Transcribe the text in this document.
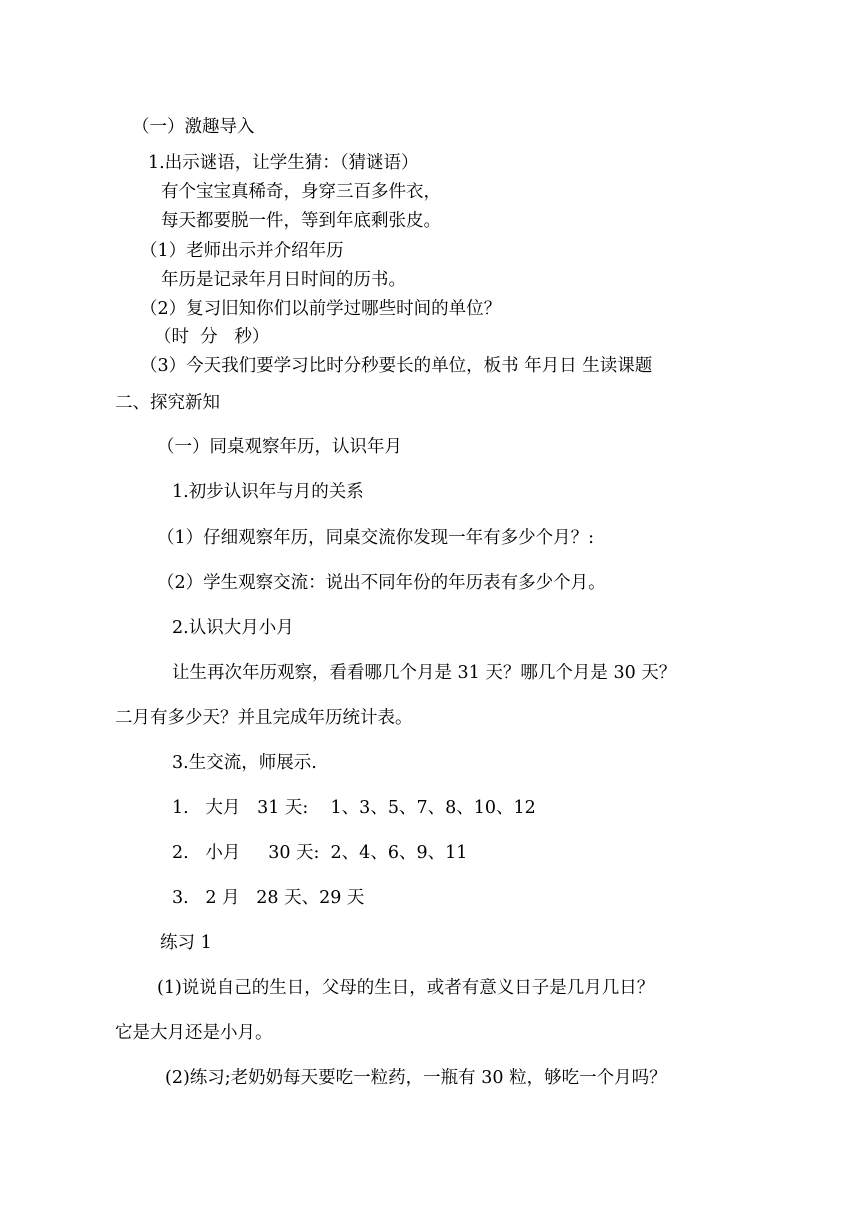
（一）激趣导入
1.出示谜语，让学生猜：（猜谜语）
有个宝宝真稀奇，身穿三百多件衣，
每天都要脱一件，等到年底剩张皮。
（1）老师出示并介绍年历
年历是记录年月日时间的历书。
（2）复习旧知你们以前学过哪些时间的单位？
（时  分   秒）
（3）今天我们要学习比时分秒要长的单位，板书 年月日 生读课题
二、探究新知
（一）同桌观察年历，认识年月
1.初步认识年与月的关系
（1）仔细观察年历，同桌交流你发现一年有多少个月？:
（2）学生观察交流：说出不同年份的年历表有多少个月。
2.认识大月小月
让生再次年历观察，看看哪几个月是 31 天？哪几个月是 30 天？
二月有多少天？并且完成年历统计表。
3.生交流，师展示.
1.   大月   31 天:    1、3、5、7、8、10、12
2.   小月     30 天:  2、4、6、9、11
3.   2 月   28 天、29 天
练习 1
(1)说说自己的生日，父母的生日，或者有意义日子是几月几日？
它是大月还是小月。
(2)练习;老奶奶每天要吃一粒药，一瓶有 30 粒，够吃一个月吗？
